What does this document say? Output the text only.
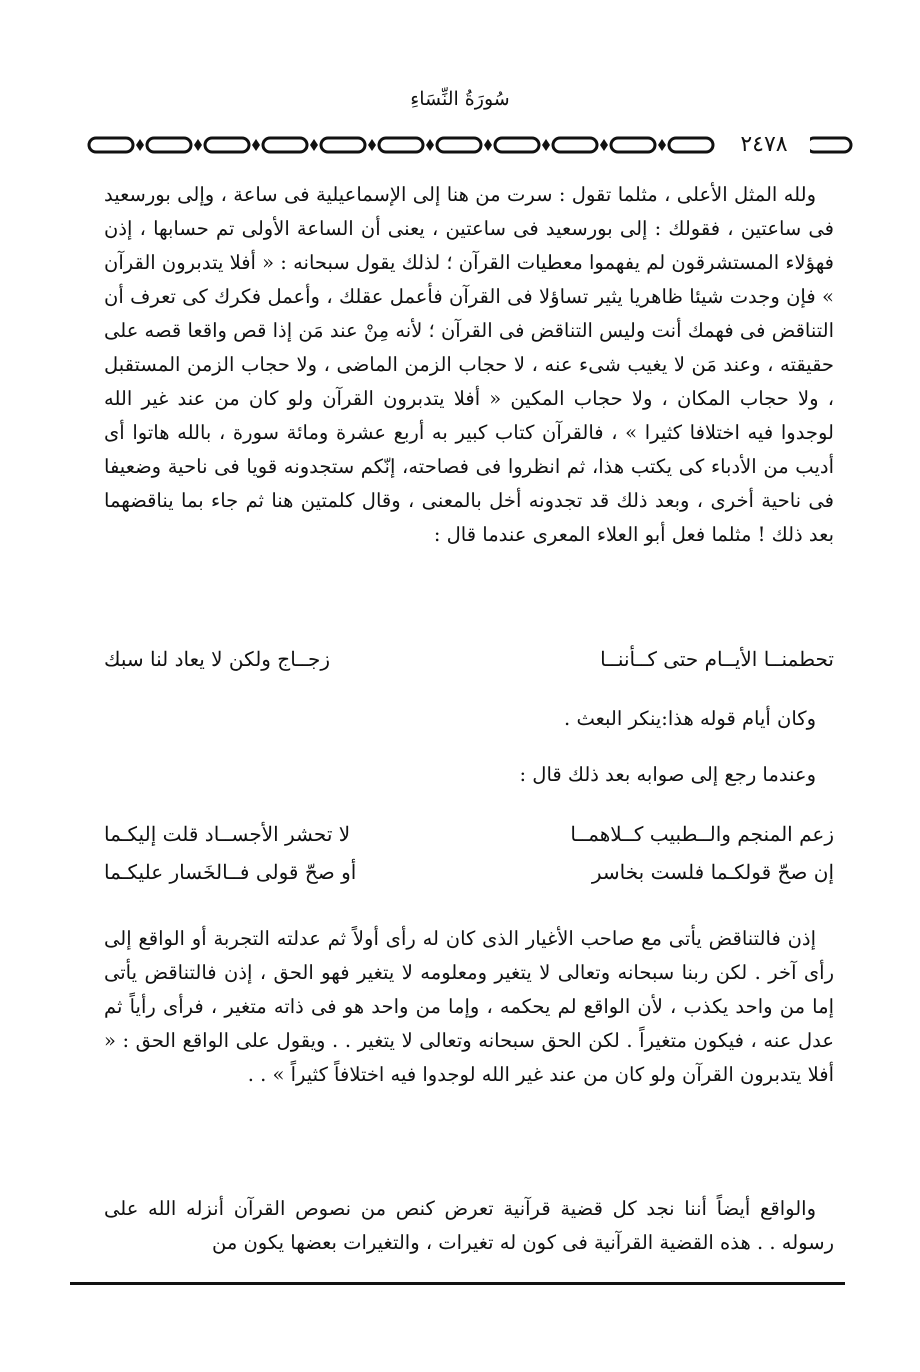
سُورَةُ النِّسَاءِ
٢٤٧٨

ولله المثل الأعلى ، مثلما تقول : سرت من هنا إلى الإسماعيلية فى ساعة ، وإلى بورسعيد فى ساعتين ، فقولك : إلى بورسعيد فى ساعتين ، يعنى أن الساعة الأولى تم حسابها ، إذن فهؤلاء المستشرقون لم يفهموا معطيات القرآن ؛ لذلك يقول سبحانه : « أفلا يتدبرون القرآن » فإن وجدت شيئا ظاهريا يثير تساؤلا فى القرآن فأعمل عقلك ، وأعمل فكرك كى تعرف أن التناقض فى فهمك أنت وليس التناقض فى القرآن ؛ لأنه مِنْ عند مَن إذا قص واقعا قصه على حقيقته ، وعند مَن لا يغيب شىء عنه ، لا حجاب الزمن الماضى ، ولا حجاب الزمن المستقبل ، ولا حجاب المكان ، ولا حجاب المكين « أفلا يتدبرون القرآن ولو كان من عند غير الله لوجدوا فيه اختلافا كثيرا » ، فالقرآن كتاب كبير به أربع عشرة ومائة سورة ، بالله هاتوا أى أديب من الأدباء كى يكتب هذا، ثم انظروا فى فصاحته، إنّكم ستجدونه قويا فى ناحية وضعيفا فى ناحية أخرى ، وبعد ذلك قد تجدونه أخل بالمعنى ، وقال كلمتين هنا ثم جاء بما يناقضهما بعد ذلك ! مثلما فعل أبو العلاء المعرى عندما قال :

تحطمنــا الأيــام حتى كــأننــا
زجــاج ولكن لا يعاد لنا سبك
وكان أيام قوله هذا:ينكر البعث .
وعندما رجع إلى صوابه بعد ذلك قال :
زعم المنجم والــطبيب كــلاهمــا
لا تحشر الأجســاد قلت إليكـما
إن صحّ قولكـما فلست بخاسر
أو صحّ قولى فــالخَسار عليكـما

إذن فالتناقض يأتى مع صاحب الأغيار الذى كان له رأى أولاً ثم عدلته التجربة أو الواقع إلى رأى آخر . لكن ربنا سبحانه وتعالى لا يتغير ومعلومه لا يتغير فهو الحق ، إذن فالتناقض يأتى إما من واحد يكذب ، لأن الواقع لم يحكمه ، وإما من واحد هو فى ذاته متغير ، فرأى رأياً ثم عدل عنه ، فيكون متغيراً . لكن الحق سبحانه وتعالى لا يتغير . . ويقول على الواقع الحق : « أفلا يتدبرون القرآن ولو كان من عند غير الله لوجدوا فيه اختلافاً كثيراً » . .

والواقع أيضاً أننا نجد كل قضية قرآنية تعرض كنص من نصوص القرآن أنزله الله على رسوله . . هذه القضية القرآنية فى كون له تغيرات ، والتغيرات بعضها يكون من
